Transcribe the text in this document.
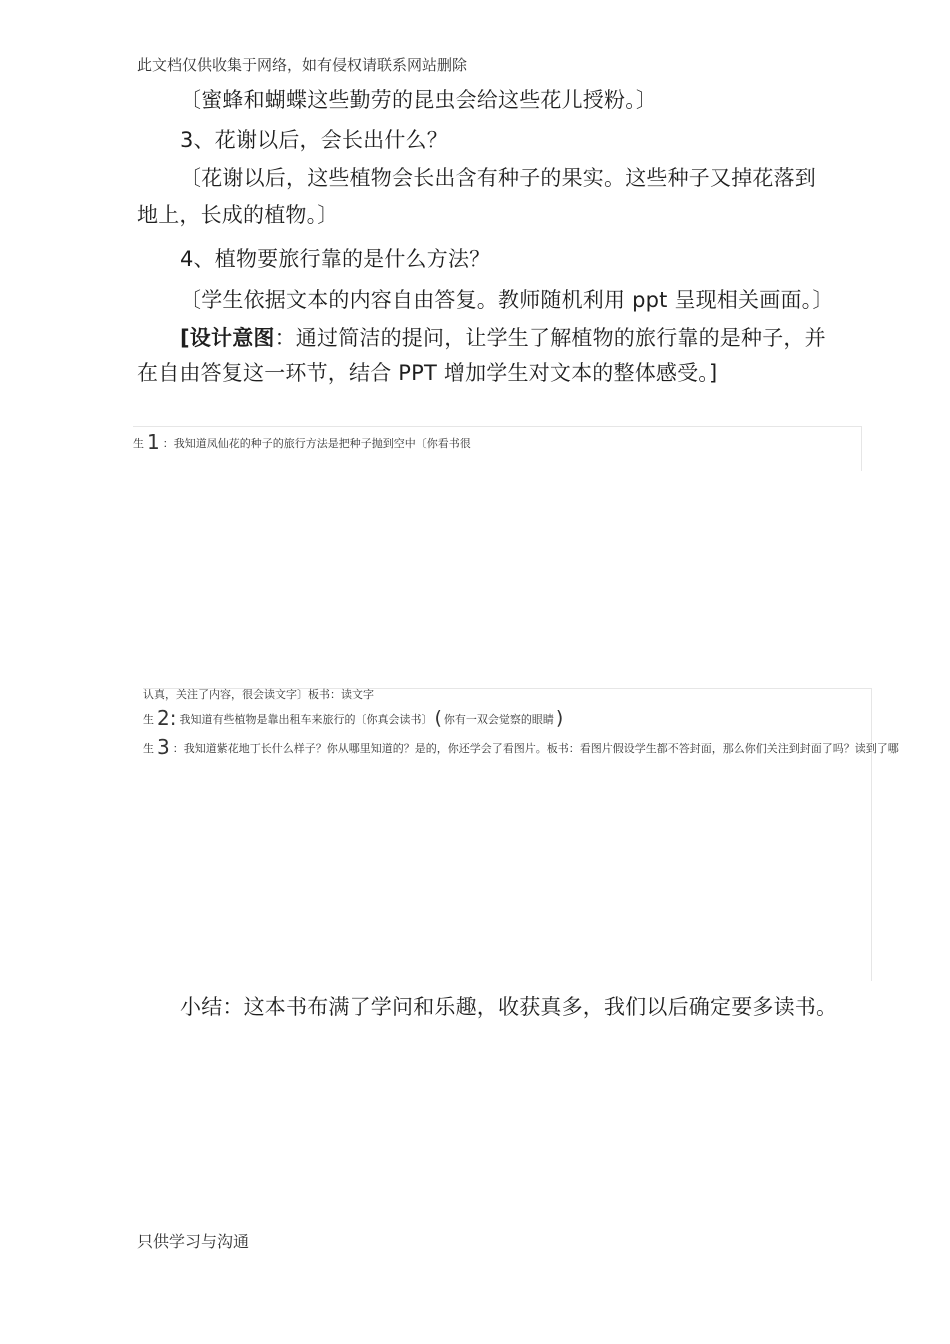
此文档仅供收集于网络，如有侵权请联系网站删除
〔蜜蜂和蝴蝶这些勤劳的昆虫会给这些花儿授粉。〕
3、花谢以后，会长出什么？
〔花谢以后，这些植物会长出含有种子的果实。这些种子又掉花落到
地上，长成的植物。〕
4、植物要旅行靠的是什么方法？
〔学生依据文本的内容自由答复。教师随机利用 ppt 呈现相关画面。〕
[设计意图：通过简洁的提问，让学生了解植物的旅行靠的是种子，并
在自由答复这一环节，结合 PPT 增加学生对文本的整体感受。]
生 1 ：我知道凤仙花的种子的旅行方法是把种子抛到空中〔你看书很
认真，关注了内容，很会读文字〕板书：读文字
生 2: 我知道有些植物是靠出租车来旅行的〔你真会读书〕 ( 你有一双会觉察的眼睛 )
生 3 ：我知道紫花地丁长什么样子？你从哪里知道的？是的，你还学会了看图片。板书：看图片假设学生都不答封面，那么你们关注到封面了吗？读到了哪
小结：这本书布满了学问和乐趣，收获真多，我们以后确定要多读书。
只供学习与沟通
